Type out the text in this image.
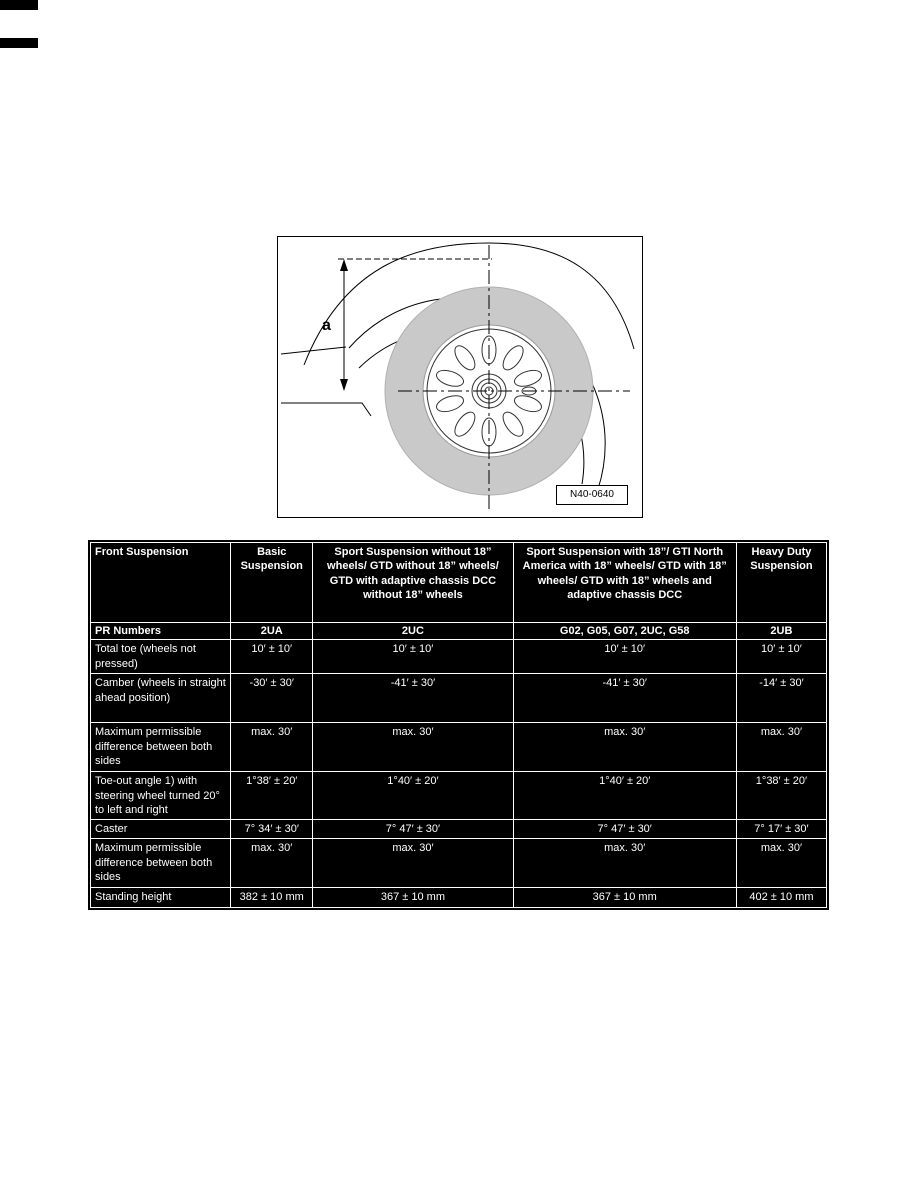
a
N40-0640
Front Suspension	Basic Suspension	Sport Suspension without 18” wheels/ GTD without 18” wheels/ GTD with adaptive chassis DCC without 18” wheels	Sport Suspension with 18”/ GTI North America with 18” wheels/ GTD with 18” wheels/ GTD with 18” wheels and adaptive chassis DCC	Heavy Duty Suspension
PR Numbers	2UA	2UC	G02, G05, G07, 2UC, G58	2UB
Total toe (wheels not pressed)	10′ ± 10′	10′ ± 10′	10′ ± 10′	10′ ± 10′
Camber (wheels in straight ahead position)	-30′ ± 30′	-41′ ± 30′	-41′ ± 30′	-14′ ± 30′
Maximum permissible difference between both sides	max. 30′	max. 30′	max. 30′	max. 30′
Toe-out angle 1) with steering wheel turned 20° to left and right	1°38′ ± 20′	1°40′ ± 20′	1°40′ ± 20′	1°38′ ± 20′
Caster	7° 34′ ± 30′	7° 47′ ± 30′	7° 47′ ± 30′	7° 17′ ± 30′
Maximum permissible difference between both sides	max. 30′	max. 30′	max. 30′	max. 30′
Standing height	382 ± 10 mm	367 ± 10 mm	367 ± 10 mm	402 ± 10 mm
